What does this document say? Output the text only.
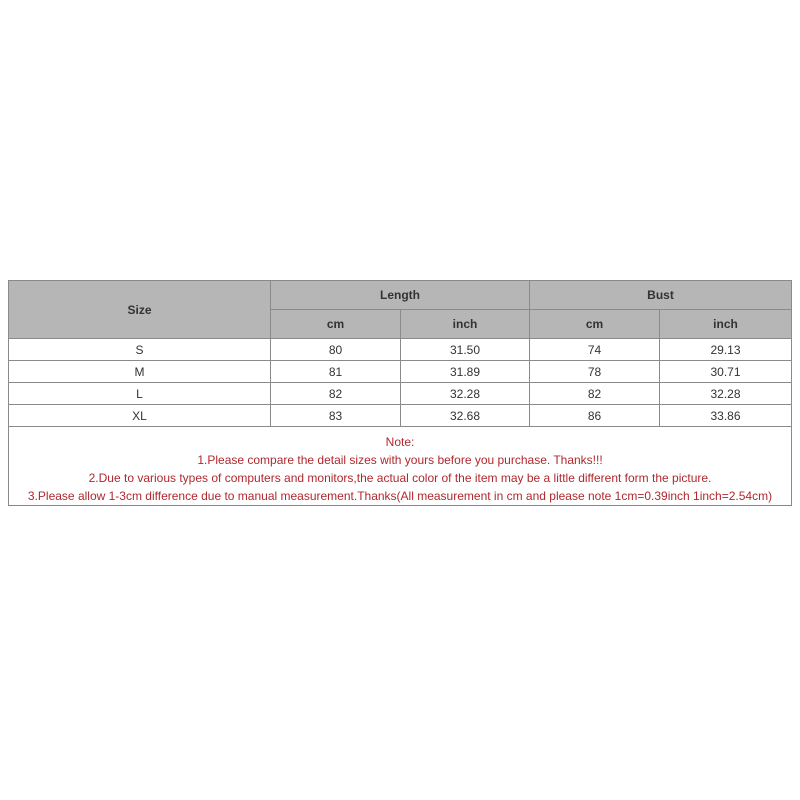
Size	Length		Bust	
	cm	inch	cm	inch
S	80	31.50	74	29.13
M	81	31.89	78	30.71
L	82	32.28	82	32.28
XL	83	32.68	86	33.86

Note:
1.Please compare the detail sizes with yours before you purchase. Thanks!!!
2.Due to various types of computers and monitors,the actual color of the item may be a little different form the picture.
3.Please allow 1-3cm difference due to manual measurement.Thanks(All measurement in cm and please note 1cm=0.39inch 1inch=2.54cm)				
